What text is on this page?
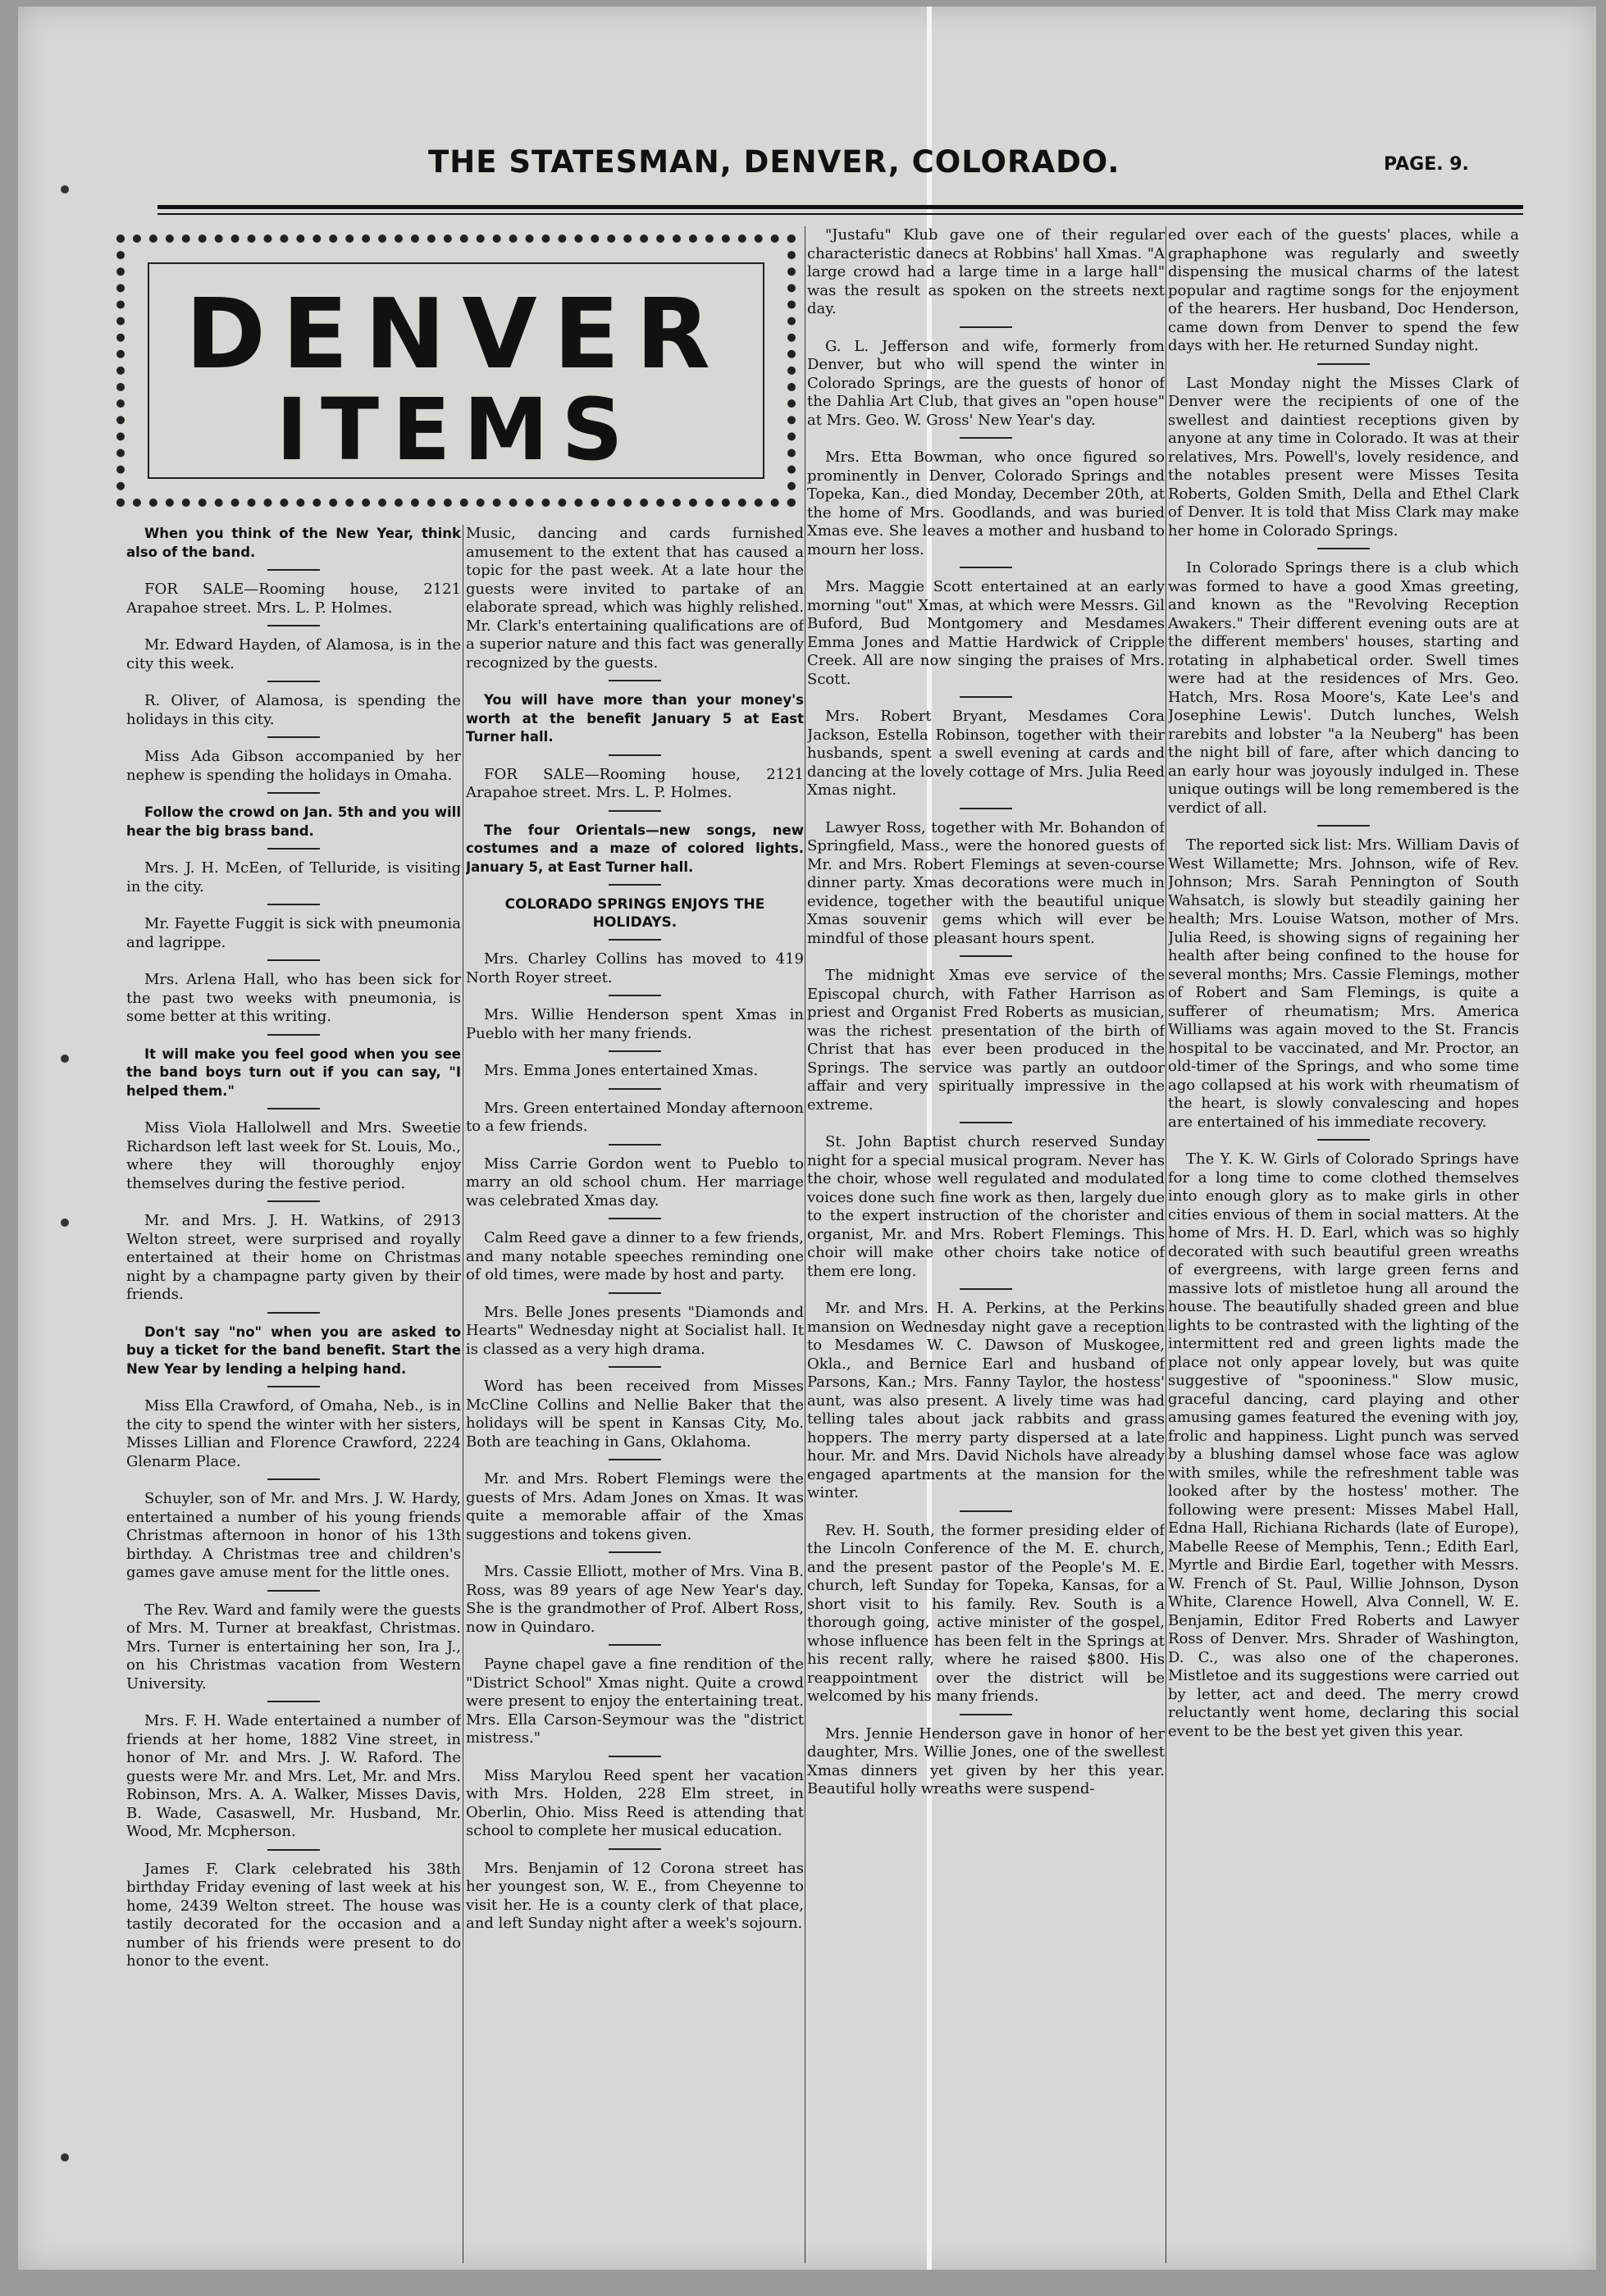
THE STATESMAN, DENVER, COLORADO.	PAGE. 9.
DENVER
ITEMS

When you think of the New Year, think also of the band.

FOR SALE—Rooming house, 2121 Arapahoe street. Mrs. L. P. Holmes.

Mr. Edward Hayden, of Alamosa, is in the city this week.

R. Oliver, of Alamosa, is spending the holidays in this city.

Miss Ada Gibson accompanied by her nephew is spending the holidays in Omaha.

Follow the crowd on Jan. 5th and you will hear the big brass band.

Mrs. J. H. McEen, of Telluride, is visiting in the city.

Mr. Fayette Fuggit is sick with pneumonia and lagrippe.

Mrs. Arlena Hall, who has been sick for the past two weeks with pneumonia, is some better at this writing.

It will make you feel good when you see the band boys turn out if you can say, "I helped them."

Miss Viola Hallolwell and Mrs. Sweetie Richardson left last week for St. Louis, Mo., where they will thoroughly enjoy themselves during the festive period.

Mr. and Mrs. J. H. Watkins, of 2913 Welton street, were surprised and royally entertained at their home on Christmas night by a champagne party given by their friends.

Don't say "no" when you are asked to buy a ticket for the band benefit. Start the New Year by lending a helping hand.

Miss Ella Crawford, of Omaha, Neb., is in the city to spend the winter with her sisters, Misses Lillian and Florence Crawford, 2224 Glenarm Place.

Schuyler, son of Mr. and Mrs. J. W. Hardy, entertained a number of his young friends Christmas afternoon in honor of his 13th birthday. A Christmas tree and children's games gave amuse ment for the little ones.

The Rev. Ward and family were the guests of Mrs. M. Turner at breakfast, Christmas. Mrs. Turner is entertaining her son, Ira J., on his Christmas vacation from Western University.

Mrs. F. H. Wade entertained a number of friends at her home, 1882 Vine street, in honor of Mr. and Mrs. J. W. Raford. The guests were Mr. and Mrs. Let, Mr. and Mrs. Robinson, Mrs. A. A. Walker, Misses Davis, B. Wade, Casaswell, Mr. Husband, Mr. Wood, Mr. Mcpherson.

James F. Clark celebrated his 38th birthday Friday evening of last week at his home, 2439 Welton street. The house was tastily decorated for the occasion and a number of his friends were present to do honor to the event.

Music, dancing and cards furnished amusement to the extent that has caused a topic for the past week. At a late hour the guests were invited to partake of an elaborate spread, which was highly relished. Mr. Clark's entertaining qualifications are of a superior nature and this fact was generally recognized by the guests.

You will have more than your money's worth at the benefit January 5 at East Turner hall.

FOR SALE—Rooming house, 2121 Arapahoe street. Mrs. L. P. Holmes.

The four Orientals—new songs, new costumes and a maze of colored lights. January 5, at East Turner hall.

COLORADO SPRINGS ENJOYS THE HOLIDAYS.

Mrs. Charley Collins has moved to 419 North Royer street.

Mrs. Willie Henderson spent Xmas in Pueblo with her many friends.

Mrs. Emma Jones entertained Xmas.

Mrs. Green entertained Monday afternoon to a few friends.

Miss Carrie Gordon went to Pueblo to marry an old school chum. Her marriage was celebrated Xmas day.

Calm Reed gave a dinner to a few friends, and many notable speeches reminding one of old times, were made by host and party.

Mrs. Belle Jones presents "Diamonds and Hearts" Wednesday night at Socialist hall. It is classed as a very high drama.

Word has been received from Misses McCline Collins and Nellie Baker that the holidays will be spent in Kansas City, Mo. Both are teaching in Gans, Oklahoma.

Mr. and Mrs. Robert Flemings were the guests of Mrs. Adam Jones on Xmas. It was quite a memorable affair of the Xmas suggestions and tokens given.

Mrs. Cassie Elliott, mother of Mrs. Vina B. Ross, was 89 years of age New Year's day. She is the grandmother of Prof. Albert Ross, now in Quindaro.

Payne chapel gave a fine rendition of the "District School" Xmas night. Quite a crowd were present to enjoy the entertaining treat. Mrs. Ella Carson-Seymour was the "district mistress."

Miss Marylou Reed spent her vacation with Mrs. Holden, 228 Elm street, in Oberlin, Ohio. Miss Reed is attending that school to complete her musical education.

Mrs. Benjamin of 12 Corona street has her youngest son, W. E., from Cheyenne to visit her. He is a county clerk of that place, and left Sunday night after a week's sojourn.

"Justafu" Klub gave one of their regular characteristic danecs at Robbins' hall Xmas. "A large crowd had a large time in a large hall" was the result as spoken on the streets next day.

G. L. Jefferson and wife, formerly from Denver, but who will spend the winter in Colorado Springs, are the guests of honor of the Dahlia Art Club, that gives an "open house" at Mrs. Geo. W. Gross' New Year's day.

Mrs. Etta Bowman, who once figured so prominently in Denver, Colorado Springs and Topeka, Kan., died Monday, December 20th, at the home of Mrs. Goodlands, and was buried Xmas eve. She leaves a mother and husband to mourn her loss.

Mrs. Maggie Scott entertained at an early morning "out" Xmas, at which were Messrs. Gil Buford, Bud Montgomery and Mesdames Emma Jones and Mattie Hardwick of Cripple Creek. All are now singing the praises of Mrs. Scott.

Mrs. Robert Bryant, Mesdames Cora Jackson, Estella Robinson, together with their husbands, spent a swell evening at cards and dancing at the lovely cottage of Mrs. Julia Reed Xmas night.

Lawyer Ross, together with Mr. Bohandon of Springfield, Mass., were the honored guests of Mr. and Mrs. Robert Flemings at seven-course dinner party. Xmas decorations were much in evidence, together with the beautiful unique Xmas souvenir gems which will ever be mindful of those pleasant hours spent.

The midnight Xmas eve service of the Episcopal church, with Father Harrison as priest and Organist Fred Roberts as musician, was the richest presentation of the birth of Christ that has ever been produced in the Springs. The service was partly an outdoor affair and very spiritually impressive in the extreme.

St. John Baptist church reserved Sunday night for a special musical program. Never has the choir, whose well regulated and modulated voices done such fine work as then, largely due to the expert instruction of the chorister and organist, Mr. and Mrs. Robert Flemings. This choir will make other choirs take notice of them ere long.

Mr. and Mrs. H. A. Perkins, at the Perkins mansion on Wednesday night gave a reception to Mesdames W. C. Dawson of Muskogee, Okla., and Bernice Earl and husband of Parsons, Kan.; Mrs. Fanny Taylor, the hostess' aunt, was also present. A lively time was had telling tales about jack rabbits and grass hoppers. The merry party dispersed at a late hour. Mr. and Mrs. David Nichols have already engaged apartments at the mansion for the winter.

Rev. H. South, the former presiding elder of the Lincoln Conference of the M. E. church, and the present pastor of the People's M. E. church, left Sunday for Topeka, Kansas, for a short visit to his family. Rev. South is a thorough going, active minister of the gospel, whose influence has been felt in the Springs at his recent rally, where he raised $800. His reappointment over the district will be welcomed by his many friends.

Mrs. Jennie Henderson gave in honor of her daughter, Mrs. Willie Jones, one of the swellest Xmas dinners yet given by her this year. Beautiful holly wreaths were suspend-

ed over each of the guests' places, while a graphaphone was regularly and sweetly dispensing the musical charms of the latest popular and ragtime songs for the enjoyment of the hearers. Her husband, Doc Henderson, came down from Denver to spend the few days with her. He returned Sunday night.

Last Monday night the Misses Clark of Denver were the recipients of one of the swellest and daintiest receptions given by anyone at any time in Colorado. It was at their relatives, Mrs. Powell's, lovely residence, and the notables present were Misses Tesita Roberts, Golden Smith, Della and Ethel Clark of Denver. It is told that Miss Clark may make her home in Colorado Springs.

In Colorado Springs there is a club which was formed to have a good Xmas greeting, and known as the "Revolving Reception Awakers." Their different evening outs are at the different members' houses, starting and rotating in alphabetical order. Swell times were had at the residences of Mrs. Geo. Hatch, Mrs. Rosa Moore's, Kate Lee's and Josephine Lewis'. Dutch lunches, Welsh rarebits and lobster "a la Neuberg" has been the night bill of fare, after which dancing to an early hour was joyously indulged in. These unique outings will be long remembered is the verdict of all.

The reported sick list: Mrs. William Davis of West Willamette; Mrs. Johnson, wife of Rev. Johnson; Mrs. Sarah Pennington of South Wahsatch, is slowly but steadily gaining her health; Mrs. Louise Watson, mother of Mrs. Julia Reed, is showing signs of regaining her health after being confined to the house for several months; Mrs. Cassie Flemings, mother of Robert and Sam Flemings, is quite a sufferer of rheumatism; Mrs. America Williams was again moved to the St. Francis hospital to be vaccinated, and Mr. Proctor, an old-timer of the Springs, and who some time ago collapsed at his work with rheumatism of the heart, is slowly convalescing and hopes are entertained of his immediate recovery.

The Y. K. W. Girls of Colorado Springs have for a long time to come clothed themselves into enough glory as to make girls in other cities envious of them in social matters. At the home of Mrs. H. D. Earl, which was so highly decorated with such beautiful green wreaths of evergreens, with large green ferns and massive lots of mistletoe hung all around the house. The beautifully shaded green and blue lights to be contrasted with the lighting of the intermittent red and green lights made the place not only appear lovely, but was quite suggestive of "spooniness." Slow music, graceful dancing, card playing and other amusing games featured the evening with joy, frolic and happiness. Light punch was served by a blushing damsel whose face was aglow with smiles, while the refreshment table was looked after by the hostess' mother. The following were present: Misses Mabel Hall, Edna Hall, Richiana Richards (late of Europe), Mabelle Reese of Memphis, Tenn.; Edith Earl, Myrtle and Birdie Earl, together with Messrs. W. French of St. Paul, Willie Johnson, Dyson White, Clarence Howell, Alva Connell, W. E. Benjamin, Editor Fred Roberts and Lawyer Ross of Denver. Mrs. Shrader of Washington, D. C., was also one of the chaperones. Mistletoe and its suggestions were carried out by letter, act and deed. The merry crowd reluctantly went home, declaring this social event to be the best yet given this year.
